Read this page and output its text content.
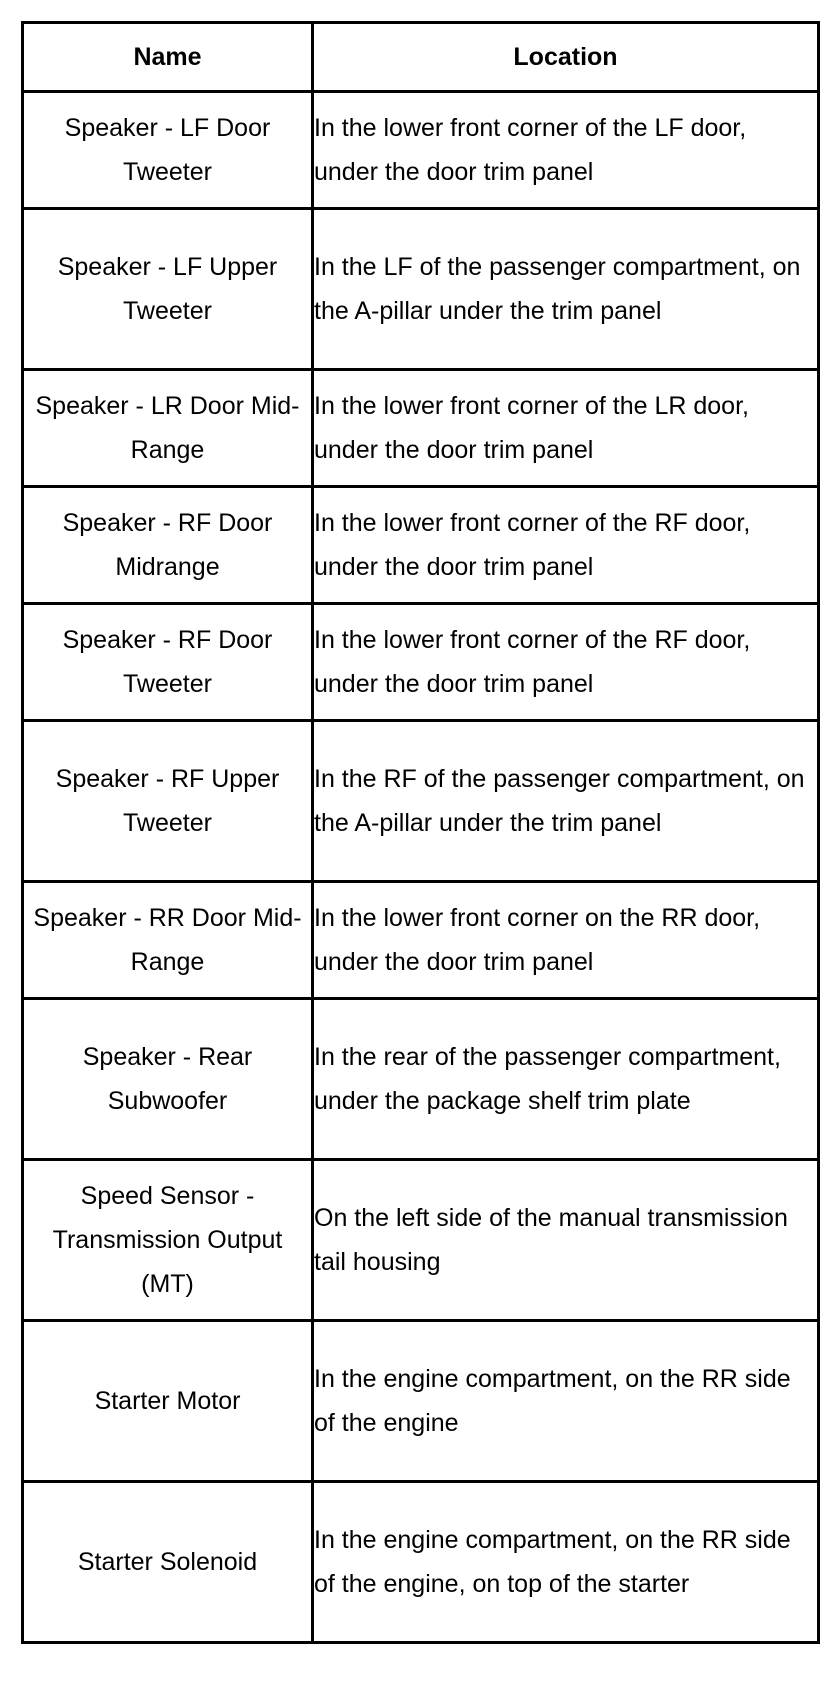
Name	Location
Speaker - LF Door Tweeter	In the lower front corner of the LF door, under the door trim panel
Speaker - LF Upper Tweeter	In the LF of the passenger compartment, on the A-pillar under the trim panel
Speaker - LR Door Mid-Range	In the lower front corner of the LR door, under the door trim panel
Speaker - RF Door Midrange	In the lower front corner of the RF door, under the door trim panel
Speaker - RF Door Tweeter	In the lower front corner of the RF door, under the door trim panel
Speaker - RF Upper Tweeter	In the RF of the passenger compartment, on the A-pillar under the trim panel
Speaker - RR Door Mid-Range	In the lower front corner on the RR door, under the door trim panel
Speaker - Rear Subwoofer	In the rear of the passenger compartment, under the package shelf trim plate
Speed Sensor - Transmission Output (MT)	On the left side of the manual transmission tail housing
Starter Motor	In the engine compartment, on the RR side of the engine
Starter Solenoid	In the engine compartment, on the RR side of the engine, on top of the starter
